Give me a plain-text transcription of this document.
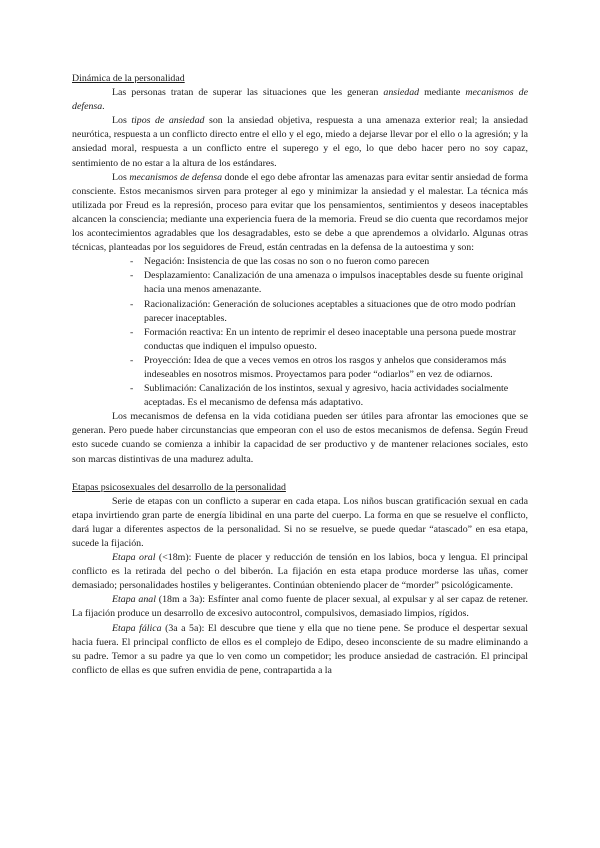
Dinámica de la personalidad

Las personas tratan de superar las situaciones que les generan ansiedad mediante mecanismos de defensa.

Los tipos de ansiedad son la ansiedad objetiva, respuesta a una amenaza exterior real; la ansiedad neurótica, respuesta a un conflicto directo entre el ello y el ego, miedo a dejarse llevar por el ello o la agresión; y la ansiedad moral, respuesta a un conflicto entre el superego y el ego, lo que debo hacer pero no soy capaz, sentimiento de no estar a la altura de los estándares.

Los mecanismos de defensa donde el ego debe afrontar las amenazas para evitar sentir ansiedad de forma consciente. Estos mecanismos sirven para proteger al ego y minimizar la ansiedad y el malestar. La técnica más utilizada por Freud es la represión, proceso para evitar que los pensamientos, sentimientos y deseos inaceptables alcancen la consciencia; mediante una experiencia fuera de la memoria. Freud se dio cuenta que recordamos mejor los acontecimientos agradables que los desagradables, esto se debe a que aprendemos a olvidarlo. Algunas otras técnicas, planteadas por los seguidores de Freud, están centradas en la defensa de la autoestima y son:

- Negación: Insistencia de que las cosas no son o no fueron como parecen
- Desplazamiento: Canalización de una amenaza o impulsos inaceptables desde su fuente original hacia una menos amenazante.
- Racionalización: Generación de soluciones aceptables a situaciones que de otro modo podrían parecer inaceptables.
- Formación reactiva: En un intento de reprimir el deseo inaceptable una persona puede mostrar conductas que indiquen el impulso opuesto.
- Proyección: Idea de que a veces vemos en otros los rasgos y anhelos que consideramos más indeseables en nosotros mismos. Proyectamos para poder “odiarlos” en vez de odiarnos.
- Sublimación: Canalización de los instintos, sexual y agresivo, hacia actividades socialmente aceptadas. Es el mecanismo de defensa más adaptativo.

Los mecanismos de defensa en la vida cotidiana pueden ser útiles para afrontar las emociones que se generan. Pero puede haber circunstancias que empeoran con el uso de estos mecanismos de defensa. Según Freud esto sucede cuando se comienza a inhibir la capacidad de ser productivo y de mantener relaciones sociales, esto son marcas distintivas de una madurez adulta.

Etapas psicosexuales del desarrollo de la personalidad

Serie de etapas con un conflicto a superar en cada etapa. Los niños buscan gratificación sexual en cada etapa invirtiendo gran parte de energía libidinal en una parte del cuerpo. La forma en que se resuelve el conflicto, dará lugar a diferentes aspectos de la personalidad. Si no se resuelve, se puede quedar “atascado” en esa etapa, sucede la fijación.

Etapa oral (<18m): Fuente de placer y reducción de tensión en los labios, boca y lengua. El principal conflicto es la retirada del pecho o del biberón. La fijación en esta etapa produce morderse las uñas, comer demasiado; personalidades hostiles y beligerantes. Continúan obteniendo placer de “morder” psicológicamente.

Etapa anal (18m a 3a): Esfínter anal como fuente de placer sexual, al expulsar y al ser capaz de retener. La fijación produce un desarrollo de excesivo autocontrol, compulsivos, demasiado limpios, rígidos.

Etapa fálica (3a a 5a): El descubre que tiene y ella que no tiene pene. Se produce el despertar sexual hacia fuera. El principal conflicto de ellos es el complejo de Edipo, deseo inconsciente de su madre eliminando a su padre. Temor a su padre ya que lo ven como un competidor; les produce ansiedad de castración. El principal conflicto de ellas es que sufren envidia de pene, contrapartida a la
